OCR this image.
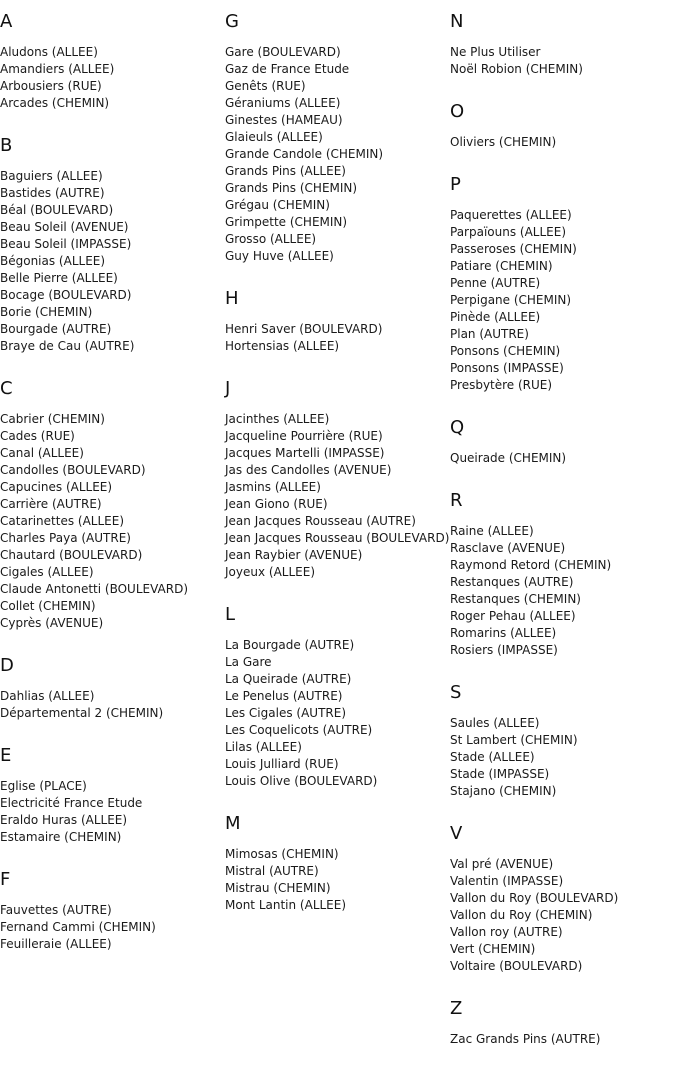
A
Aludons (ALLEE)
Amandiers (ALLEE)
Arbousiers (RUE)
Arcades (CHEMIN)
B
Baguiers (ALLEE)
Bastides (AUTRE)
Béal (BOULEVARD)
Beau Soleil (AVENUE)
Beau Soleil (IMPASSE)
Bégonias (ALLEE)
Belle Pierre (ALLEE)
Bocage (BOULEVARD)
Borie (CHEMIN)
Bourgade (AUTRE)
Braye de Cau (AUTRE)
C
Cabrier (CHEMIN)
Cades (RUE)
Canal (ALLEE)
Candolles (BOULEVARD)
Capucines (ALLEE)
Carrière (AUTRE)
Catarinettes (ALLEE)
Charles Paya (AUTRE)
Chautard (BOULEVARD)
Cigales (ALLEE)
Claude Antonetti (BOULEVARD)
Collet (CHEMIN)
Cyprès (AVENUE)
D
Dahlias (ALLEE)
Départemental 2 (CHEMIN)
E
Eglise (PLACE)
Electricité France Etude
Eraldo Huras (ALLEE)
Estamaire (CHEMIN)
F
Fauvettes (AUTRE)
Fernand Cammi (CHEMIN)
Feuilleraie (ALLEE)
G
Gare (BOULEVARD)
Gaz de France Etude
Genêts (RUE)
Géraniums (ALLEE)
Ginestes (HAMEAU)
Glaieuls (ALLEE)
Grande Candole (CHEMIN)
Grands Pins (ALLEE)
Grands Pins (CHEMIN)
Grégau (CHEMIN)
Grimpette (CHEMIN)
Grosso (ALLEE)
Guy Huve (ALLEE)
H
Henri Saver (BOULEVARD)
Hortensias (ALLEE)
J
Jacinthes (ALLEE)
Jacqueline Pourrière (RUE)
Jacques Martelli (IMPASSE)
Jas des Candolles (AVENUE)
Jasmins (ALLEE)
Jean Giono (RUE)
Jean Jacques Rousseau (AUTRE)
Jean Jacques Rousseau (BOULEVARD)
Jean Raybier (AVENUE)
Joyeux (ALLEE)
L
La Bourgade (AUTRE)
La Gare
La Queirade (AUTRE)
Le Penelus (AUTRE)
Les Cigales (AUTRE)
Les Coquelicots (AUTRE)
Lilas (ALLEE)
Louis Julliard (RUE)
Louis Olive (BOULEVARD)
M
Mimosas (CHEMIN)
Mistral (AUTRE)
Mistrau (CHEMIN)
Mont Lantin (ALLEE)
N
Ne Plus Utiliser
Noël Robion (CHEMIN)
O
Oliviers (CHEMIN)
P
Paquerettes (ALLEE)
Parpaïouns (ALLEE)
Passeroses (CHEMIN)
Patiare (CHEMIN)
Penne (AUTRE)
Perpigane (CHEMIN)
Pinède (ALLEE)
Plan (AUTRE)
Ponsons (CHEMIN)
Ponsons (IMPASSE)
Presbytère (RUE)
Q
Queirade (CHEMIN)
R
Raine (ALLEE)
Rasclave (AVENUE)
Raymond Retord (CHEMIN)
Restanques (AUTRE)
Restanques (CHEMIN)
Roger Pehau (ALLEE)
Romarins (ALLEE)
Rosiers (IMPASSE)
S
Saules (ALLEE)
St Lambert (CHEMIN)
Stade (ALLEE)
Stade (IMPASSE)
Stajano (CHEMIN)
V
Val pré (AVENUE)
Valentin (IMPASSE)
Vallon du Roy (BOULEVARD)
Vallon du Roy (CHEMIN)
Vallon roy (AUTRE)
Vert (CHEMIN)
Voltaire (BOULEVARD)
Z
Zac Grands Pins (AUTRE)
